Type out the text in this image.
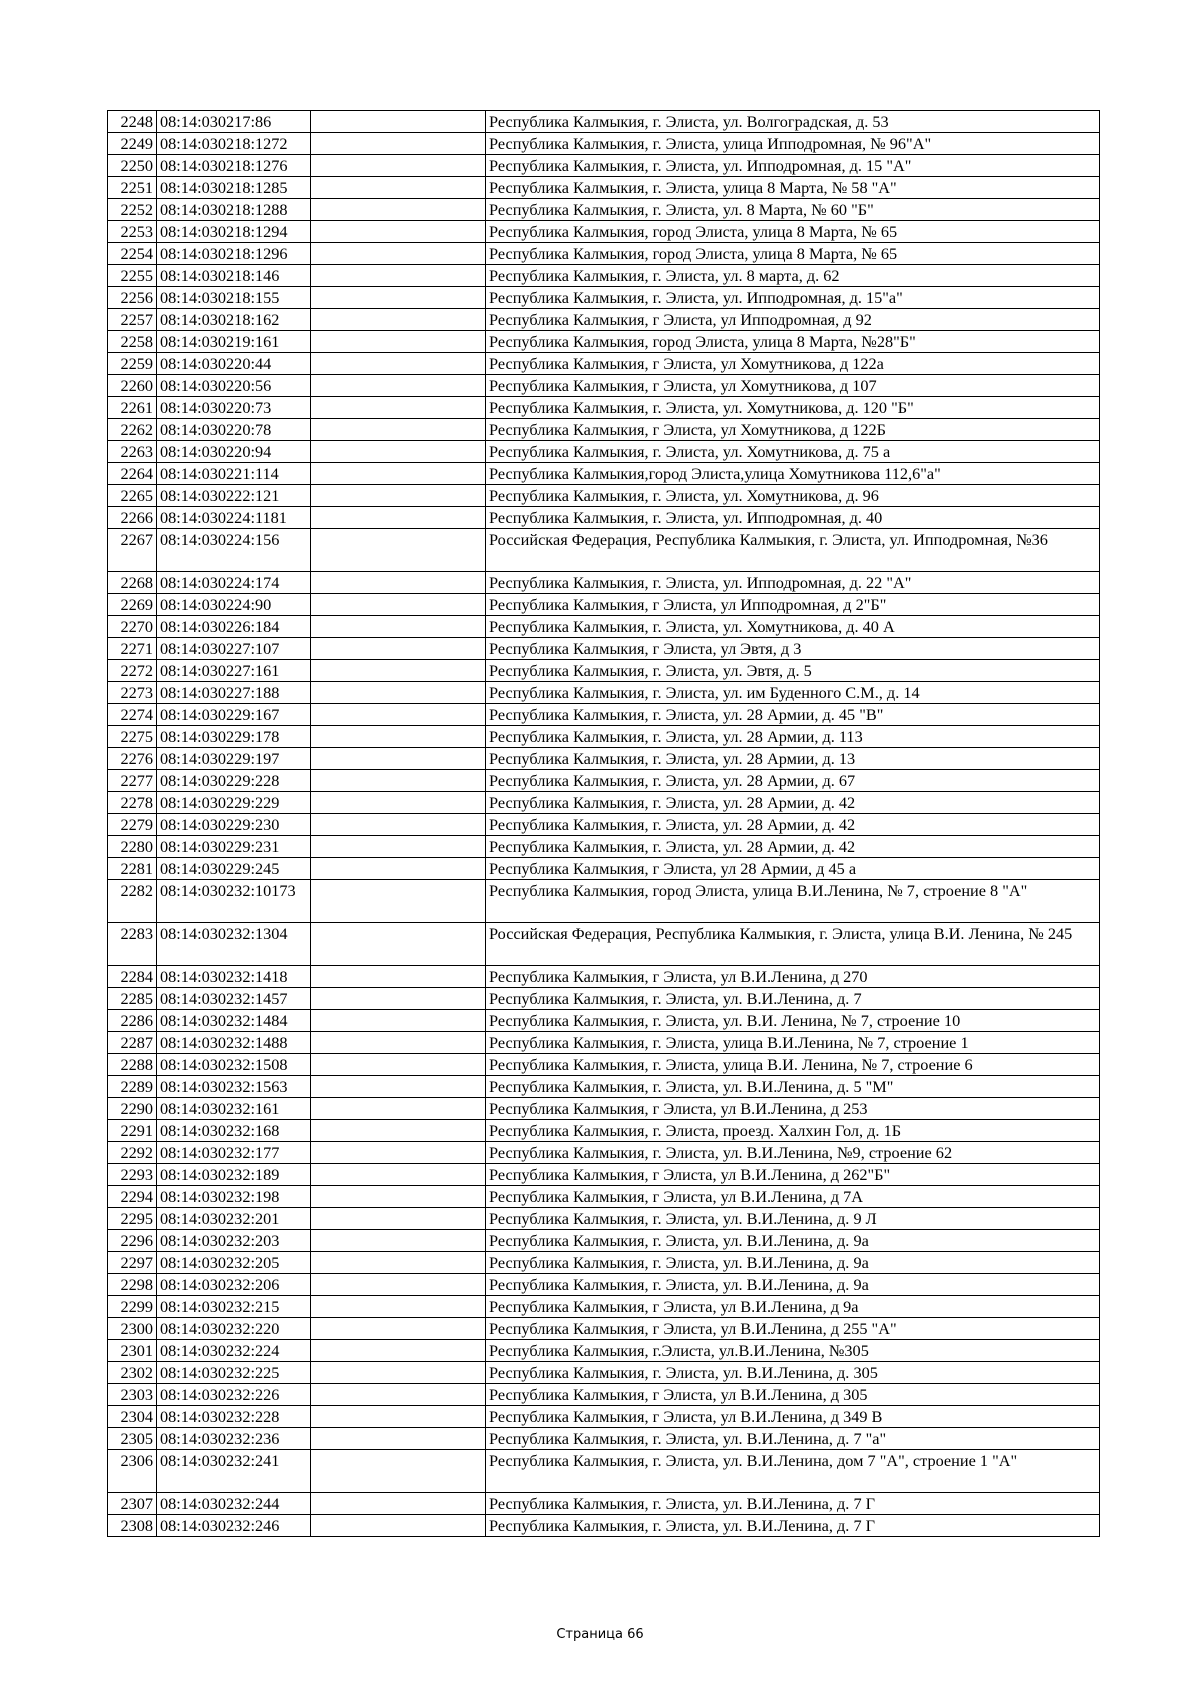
2248	08:14:030217:86		Республика Калмыкия, г. Элиста, ул. Волгоградская, д. 53
2249	08:14:030218:1272		Республика Калмыкия, г. Элиста, улица Ипподромная, № 96"А"
2250	08:14:030218:1276		Республика Калмыкия, г. Элиста, ул. Ипподромная, д. 15 "А"
2251	08:14:030218:1285		Республика Калмыкия, г. Элиста, улица 8 Марта, № 58 "А"
2252	08:14:030218:1288		Республика Калмыкия, г. Элиста, ул. 8 Марта, № 60 "Б"
2253	08:14:030218:1294		Республика Калмыкия, город Элиста, улица 8 Марта, № 65
2254	08:14:030218:1296		Республика Калмыкия, город Элиста, улица 8 Марта, № 65
2255	08:14:030218:146		Республика Калмыкия, г. Элиста, ул. 8 марта, д. 62
2256	08:14:030218:155		Республика Калмыкия, г. Элиста, ул. Ипподромная, д. 15"а"
2257	08:14:030218:162		Республика Калмыкия, г Элиста, ул Ипподромная, д 92
2258	08:14:030219:161		Республика Калмыкия, город Элиста, улица 8 Марта, №28"Б"
2259	08:14:030220:44		Республика Калмыкия, г Элиста, ул Хомутникова, д 122а
2260	08:14:030220:56		Республика Калмыкия, г Элиста, ул Хомутникова, д 107
2261	08:14:030220:73		Республика Калмыкия, г. Элиста, ул. Хомутникова, д. 120 "Б"
2262	08:14:030220:78		Республика Калмыкия, г Элиста, ул Хомутникова, д 122Б
2263	08:14:030220:94		Республика Калмыкия, г. Элиста, ул. Хомутникова, д. 75 а
2264	08:14:030221:114		Республика Калмыкия,город Элиста,улица Хомутникова 112,6"а"
2265	08:14:030222:121		Республика Калмыкия, г. Элиста, ул. Хомутникова, д. 96
2266	08:14:030224:1181		Республика Калмыкия, г. Элиста, ул. Ипподромная, д. 40
2267	08:14:030224:156		Российская Федерация, Республика Калмыкия, г. Элиста, ул. Ипподромная, №36
2268	08:14:030224:174		Республика Калмыкия, г. Элиста, ул. Ипподромная, д. 22 "А"
2269	08:14:030224:90		Республика Калмыкия, г Элиста, ул Ипподромная, д 2"Б"
2270	08:14:030226:184		Республика Калмыкия, г. Элиста, ул. Хомутникова, д. 40 А
2271	08:14:030227:107		Республика Калмыкия, г Элиста, ул Эвтя, д 3
2272	08:14:030227:161		Республика Калмыкия, г. Элиста, ул. Эвтя, д. 5
2273	08:14:030227:188		Республика Калмыкия, г. Элиста, ул. им Буденного С.М., д. 14
2274	08:14:030229:167		Республика Калмыкия, г. Элиста, ул. 28 Армии, д. 45 "В"
2275	08:14:030229:178		Республика Калмыкия, г. Элиста, ул. 28 Армии, д. 113
2276	08:14:030229:197		Республика Калмыкия, г. Элиста, ул. 28 Армии, д. 13
2277	08:14:030229:228		Республика Калмыкия, г. Элиста, ул. 28 Армии, д. 67
2278	08:14:030229:229		Республика Калмыкия, г. Элиста, ул. 28 Армии, д. 42
2279	08:14:030229:230		Республика Калмыкия, г. Элиста, ул. 28 Армии, д. 42
2280	08:14:030229:231		Республика Калмыкия, г. Элиста, ул. 28 Армии, д. 42
2281	08:14:030229:245		Республика Калмыкия, г Элиста, ул 28 Армии, д 45 а
2282	08:14:030232:10173		Республика Калмыкия, город Элиста, улица В.И.Ленина, № 7, строение 8 "А"
2283	08:14:030232:1304		Российская Федерация, Республика Калмыкия, г. Элиста, улица В.И. Ленина, № 245
2284	08:14:030232:1418		Республика Калмыкия, г Элиста, ул В.И.Ленина, д 270
2285	08:14:030232:1457		Республика Калмыкия, г. Элиста, ул. В.И.Ленина, д. 7
2286	08:14:030232:1484		Республика Калмыкия, г. Элиста, ул. В.И. Ленина, № 7, строение 10
2287	08:14:030232:1488		Республика Калмыкия, г. Элиста, улица В.И.Ленина, № 7, строение 1
2288	08:14:030232:1508		Республика Калмыкия, г. Элиста, улица В.И. Ленина, № 7, строение 6
2289	08:14:030232:1563		Республика Калмыкия, г. Элиста, ул. В.И.Ленина, д. 5 "М"
2290	08:14:030232:161		Республика Калмыкия, г Элиста, ул В.И.Ленина, д 253
2291	08:14:030232:168		Республика Калмыкия, г. Элиста, проезд. Халхин Гол, д. 1Б
2292	08:14:030232:177		Республика Калмыкия, г. Элиста, ул. В.И.Ленина, №9, строение 62
2293	08:14:030232:189		Республика Калмыкия, г Элиста, ул В.И.Ленина, д 262"Б"
2294	08:14:030232:198		Республика Калмыкия, г Элиста, ул В.И.Ленина, д 7А
2295	08:14:030232:201		Республика Калмыкия, г. Элиста, ул. В.И.Ленина, д. 9 Л
2296	08:14:030232:203		Республика Калмыкия, г. Элиста, ул. В.И.Ленина, д. 9а
2297	08:14:030232:205		Республика Калмыкия, г. Элиста, ул. В.И.Ленина, д. 9а
2298	08:14:030232:206		Республика Калмыкия, г. Элиста, ул. В.И.Ленина, д. 9а
2299	08:14:030232:215		Республика Калмыкия, г Элиста, ул В.И.Ленина, д 9а
2300	08:14:030232:220		Республика Калмыкия, г Элиста, ул В.И.Ленина, д 255 "А"
2301	08:14:030232:224		Республика Калмыкия, г.Элиста, ул.В.И.Ленина, №305
2302	08:14:030232:225		Республика Калмыкия, г. Элиста, ул. В.И.Ленина, д. 305
2303	08:14:030232:226		Республика Калмыкия, г Элиста, ул В.И.Ленина, д 305
2304	08:14:030232:228		Республика Калмыкия, г Элиста, ул В.И.Ленина, д 349 В
2305	08:14:030232:236		Республика Калмыкия, г. Элиста, ул. В.И.Ленина, д. 7 "а"
2306	08:14:030232:241		Республика Калмыкия, г. Элиста, ул. В.И.Ленина, дом 7 "А", строение 1 "А"
2307	08:14:030232:244		Республика Калмыкия, г. Элиста, ул. В.И.Ленина, д. 7 Г
2308	08:14:030232:246		Республика Калмыкия, г. Элиста, ул. В.И.Ленина, д. 7 Г
Страница 66
